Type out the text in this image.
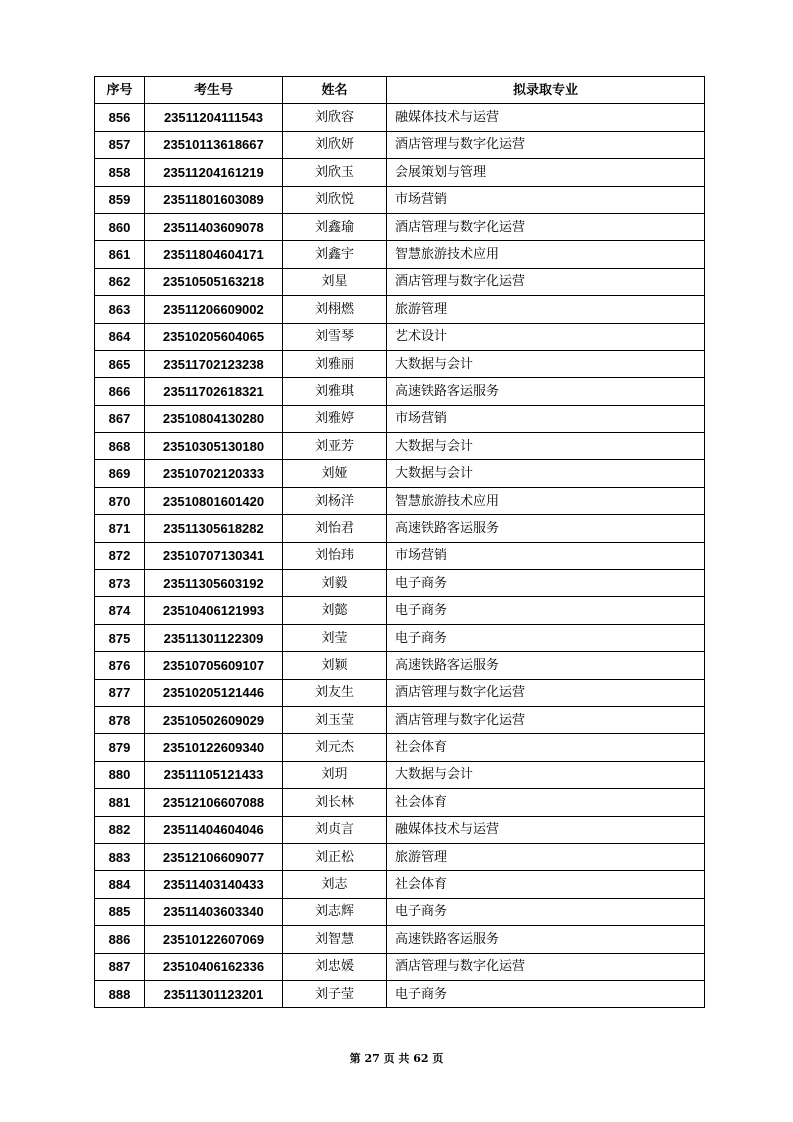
序号	考生号	姓名	拟录取专业
856	23511204111543	刘欣容	融媒体技术与运营
857	23510113618667	刘欣妍	酒店管理与数字化运营
858	23511204161219	刘欣玉	会展策划与管理
859	23511801603089	刘欣悦	市场营销
860	23511403609078	刘鑫瑜	酒店管理与数字化运营
861	23511804604171	刘鑫宇	智慧旅游技术应用
862	23510505163218	刘星	酒店管理与数字化运营
863	23511206609002	刘栩燃	旅游管理
864	23510205604065	刘雪琴	艺术设计
865	23511702123238	刘雅丽	大数据与会计
866	23511702618321	刘雅琪	高速铁路客运服务
867	23510804130280	刘雅婷	市场营销
868	23510305130180	刘亚芳	大数据与会计
869	23510702120333	刘娅	大数据与会计
870	23510801601420	刘杨洋	智慧旅游技术应用
871	23511305618282	刘怡君	高速铁路客运服务
872	23510707130341	刘怡玮	市场营销
873	23511305603192	刘毅	电子商务
874	23510406121993	刘懿	电子商务
875	23511301122309	刘莹	电子商务
876	23510705609107	刘颖	高速铁路客运服务
877	23510205121446	刘友生	酒店管理与数字化运营
878	23510502609029	刘玉莹	酒店管理与数字化运营
879	23510122609340	刘元杰	社会体育
880	23511105121433	刘玥	大数据与会计
881	23512106607088	刘长林	社会体育
882	23511404604046	刘贞言	融媒体技术与运营
883	23512106609077	刘正松	旅游管理
884	23511403140433	刘志	社会体育
885	23511403603340	刘志辉	电子商务
886	23510122607069	刘智慧	高速铁路客运服务
887	23510406162336	刘忠媛	酒店管理与数字化运营
888	23511301123201	刘子莹	电子商务
第 27 页 共 62 页
